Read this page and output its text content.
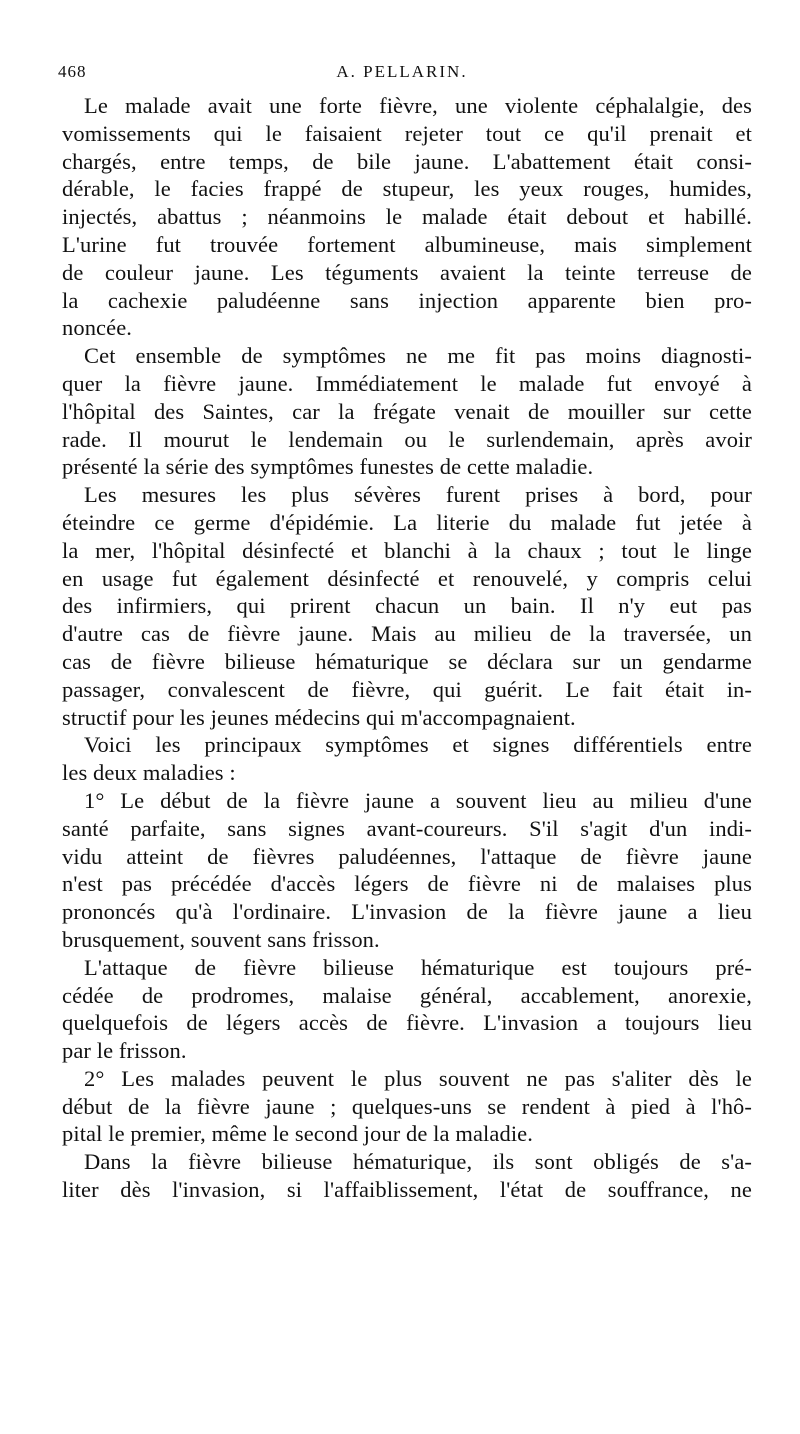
468	A. PELLARIN.
Le malade avait une forte fièvre, une violente céphalalgie, des
vomissements qui le faisaient rejeter tout ce qu'il prenait et
chargés, entre temps, de bile jaune. L'abattement était consi-
dérable, le facies frappé de stupeur, les yeux rouges, humides,
injectés, abattus ; néanmoins le malade était debout et habillé.
L'urine fut trouvée fortement albumineuse, mais simplement
de couleur jaune. Les téguments avaient la teinte terreuse de
la cachexie paludéenne sans injection apparente bien pro-
noncée.
Cet ensemble de symptômes ne me fit pas moins diagnosti-
quer la fièvre jaune. Immédiatement le malade fut envoyé à
l'hôpital des Saintes, car la frégate venait de mouiller sur cette
rade. Il mourut le lendemain ou le surlendemain, après avoir
présenté la série des symptômes funestes de cette maladie.
Les mesures les plus sévères furent prises à bord, pour
éteindre ce germe d'épidémie. La literie du malade fut jetée à
la mer, l'hôpital désinfecté et blanchi à la chaux ; tout le linge
en usage fut également désinfecté et renouvelé, y compris celui
des infirmiers, qui prirent chacun un bain. Il n'y eut pas
d'autre cas de fièvre jaune. Mais au milieu de la traversée, un
cas de fièvre bilieuse hématurique se déclara sur un gendarme
passager, convalescent de fièvre, qui guérit. Le fait était in-
structif pour les jeunes médecins qui m'accompagnaient.
Voici les principaux symptômes et signes différentiels entre
les deux maladies :
1° Le début de la fièvre jaune a souvent lieu au milieu d'une
santé parfaite, sans signes avant-coureurs. S'il s'agit d'un indi-
vidu atteint de fièvres paludéennes, l'attaque de fièvre jaune
n'est pas précédée d'accès légers de fièvre ni de malaises plus
prononcés qu'à l'ordinaire. L'invasion de la fièvre jaune a lieu
brusquement, souvent sans frisson.
L'attaque de fièvre bilieuse hématurique est toujours pré-
cédée de prodromes, malaise général, accablement, anorexie,
quelquefois de légers accès de fièvre. L'invasion a toujours lieu
par le frisson.
2° Les malades peuvent le plus souvent ne pas s'aliter dès le
début de la fièvre jaune ; quelques-uns se rendent à pied à l'hô-
pital le premier, même le second jour de la maladie.
Dans la fièvre bilieuse hématurique, ils sont obligés de s'a-
liter dès l'invasion, si l'affaiblissement, l'état de souffrance, ne
